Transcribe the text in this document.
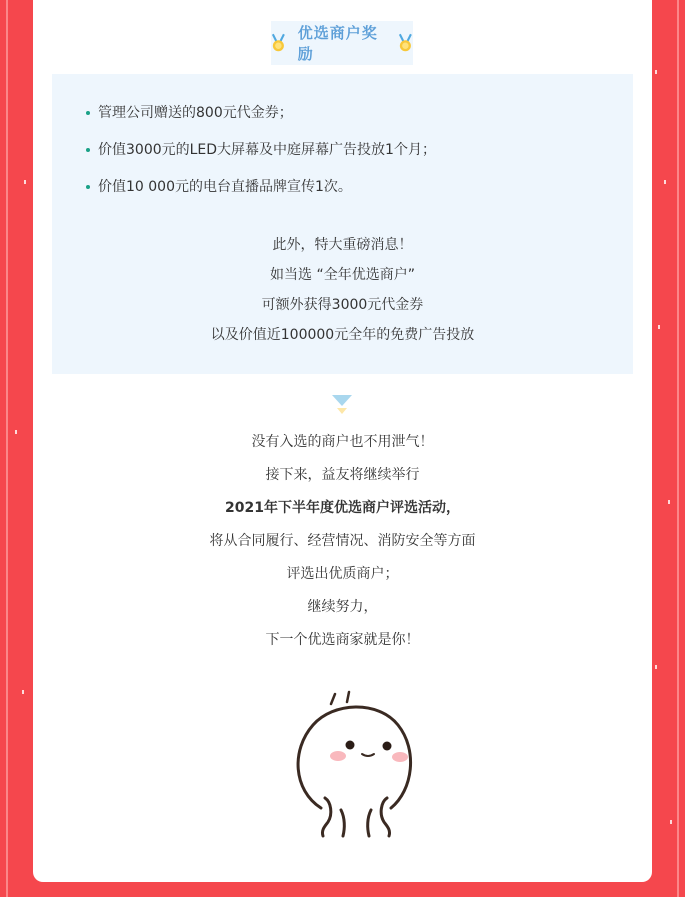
优选商户奖励
管理公司赠送的800元代金券；
价值3000元的LED大屏幕及中庭屏幕广告投放1个月；
价值10 000元的电台直播品牌宣传1次。
此外，特大重磅消息！
如当选 “全年优选商户”
可额外获得3000元代金券
以及价值近100000元全年的免费广告投放
没有入选的商户也不用泄气！
接下来，益友将继续举行
2021年下半年度优选商户评选活动，
将从合同履行、经营情况、消防安全等方面
评选出优质商户；
继续努力，
下一个优选商家就是你！
